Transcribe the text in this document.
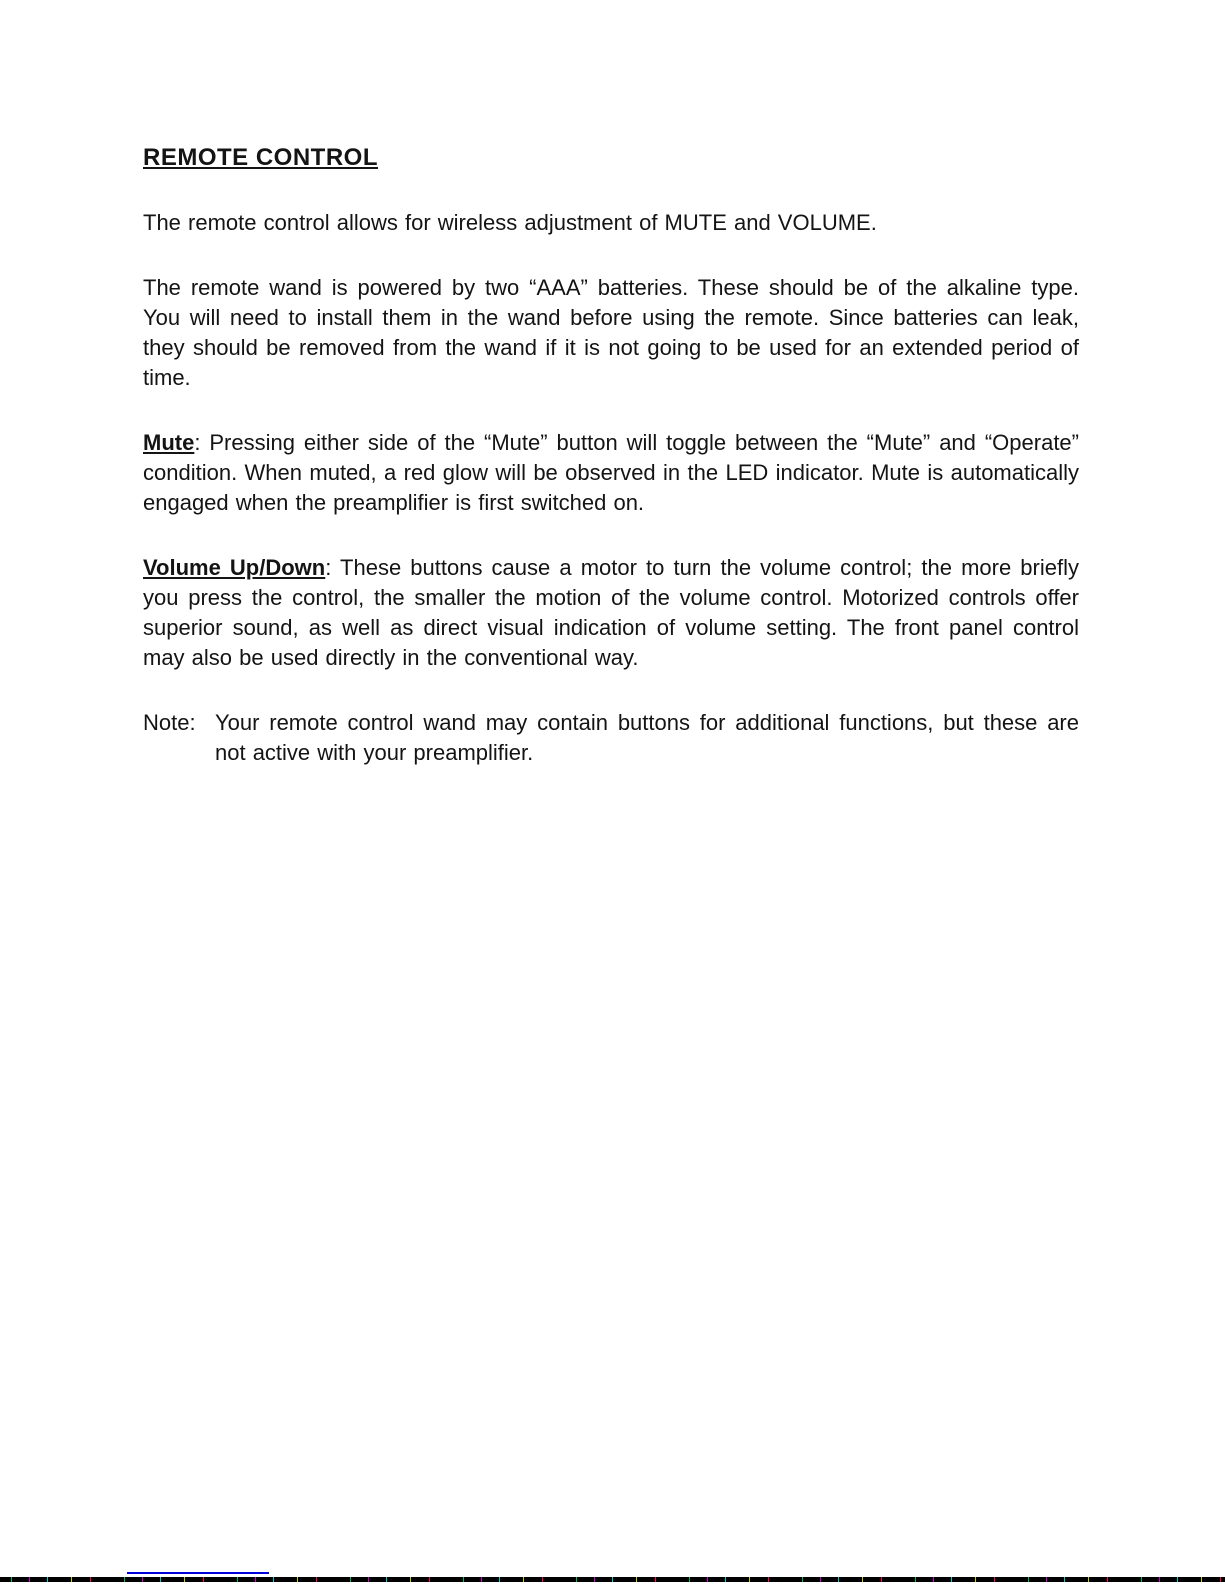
REMOTE CONTROL

The remote control allows for wireless adjustment of MUTE and VOLUME.

The remote wand is powered by two “AAA” batteries. These should be of the alkaline type. You will need to install them in the wand before using the remote. Since batteries can leak, they should be removed from the wand if it is not going to be used for an extended period of time.

Mute: Pressing either side of the “Mute” button will toggle between the “Mute” and “Operate” condition. When muted, a red glow will be observed in the LED indicator. Mute is automatically engaged when the preamplifier is first switched on.

Volume Up/Down: These buttons cause a motor to turn the volume control; the more briefly you press the control, the smaller the motion of the volume control. Motorized controls offer superior sound, as well as direct visual indication of volume setting. The front panel control may also be used directly in the conventional way.

Note: Your remote control wand may contain buttons for additional functions, but these are not active with your preamplifier.
